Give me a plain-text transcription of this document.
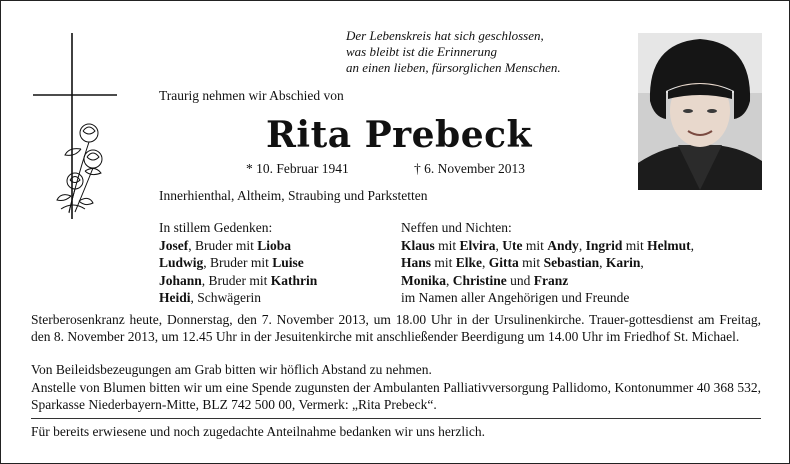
Der Lebenskreis hat sich geschlossen,
was bleibt ist die Erinnerung
an einen lieben, fürsorglichen Menschen.
Traurig nehmen wir Abschied von
Rita Prebeck
* 10. Februar 1941	† 6. November 2013
Innerhienthal, Altheim, Straubing und Parkstetten
In stillem Gedenken:
Josef, Bruder mit Lioba
Ludwig, Bruder mit Luise
Johann, Bruder mit Kathrin
Heidi, Schwägerin
Neffen und Nichten:
Klaus mit Elvira, Ute mit Andy, Ingrid mit Helmut,
Hans mit Elke, Gitta mit Sebastian, Karin,
Monika, Christine und Franz
im Namen aller Angehörigen und Freunde
Sterberosenkranz heute, Donnerstag, den 7. November 2013, um 18.00 Uhr in der Ursulinenkirche. Trauer-gottesdienst am Freitag, den 8. November 2013, um 12.45 Uhr in der Jesuitenkirche mit anschließender Beerdigung um 14.00 Uhr im Friedhof St. Michael.
Von Beileidsbezeugungen am Grab bitten wir höflich Abstand zu nehmen.
Anstelle von Blumen bitten wir um eine Spende zugunsten der Ambulanten Palliativversorgung Pallidomo, Kontonummer 40 368 532, Sparkasse Niederbayern-Mitte, BLZ 742 500 00, Vermerk: „Rita Prebeck“.
Für bereits erwiesene und noch zugedachte Anteilnahme bedanken wir uns herzlich.
